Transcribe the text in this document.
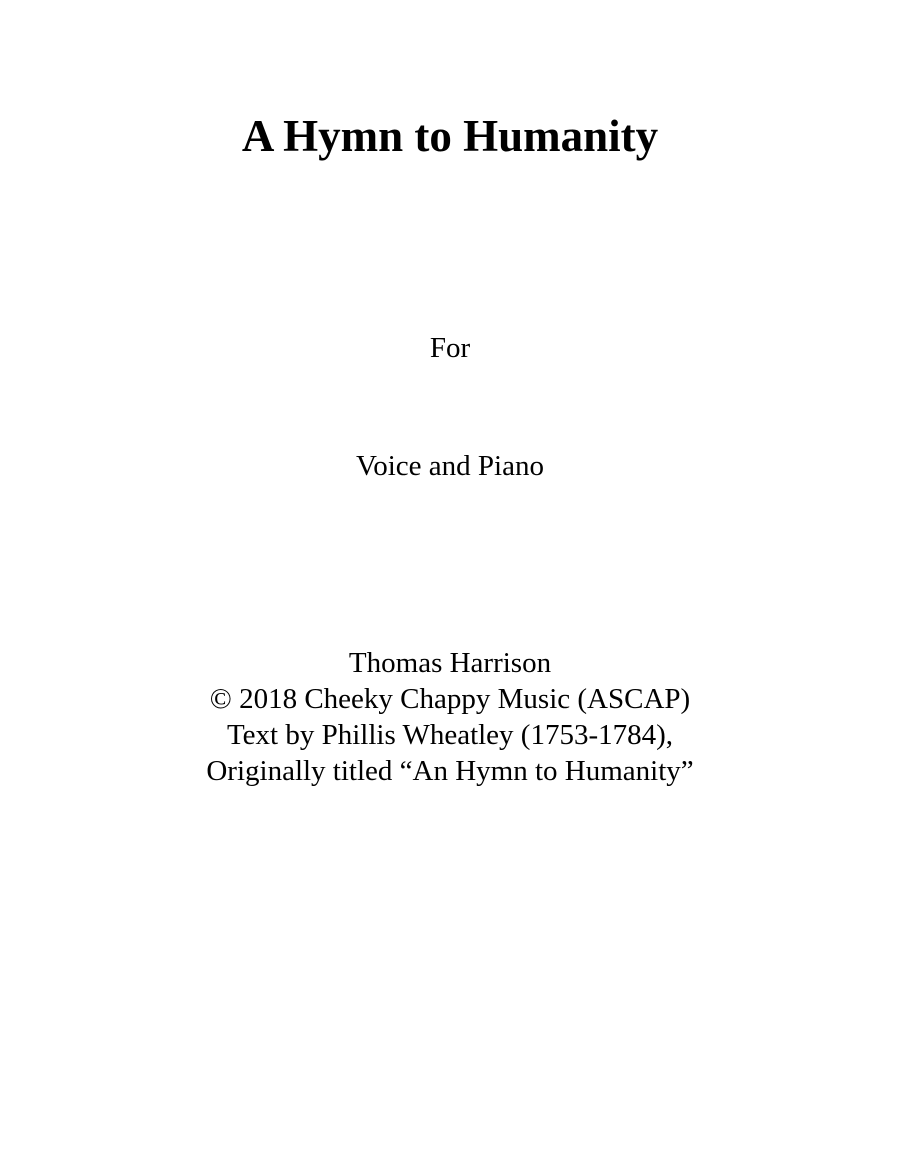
A Hymn to Humanity

For

Voice and Piano

Thomas Harrison
© 2018 Cheeky Chappy Music (ASCAP)
Text by Phillis Wheatley (1753-1784),
Originally titled “An Hymn to Humanity”
